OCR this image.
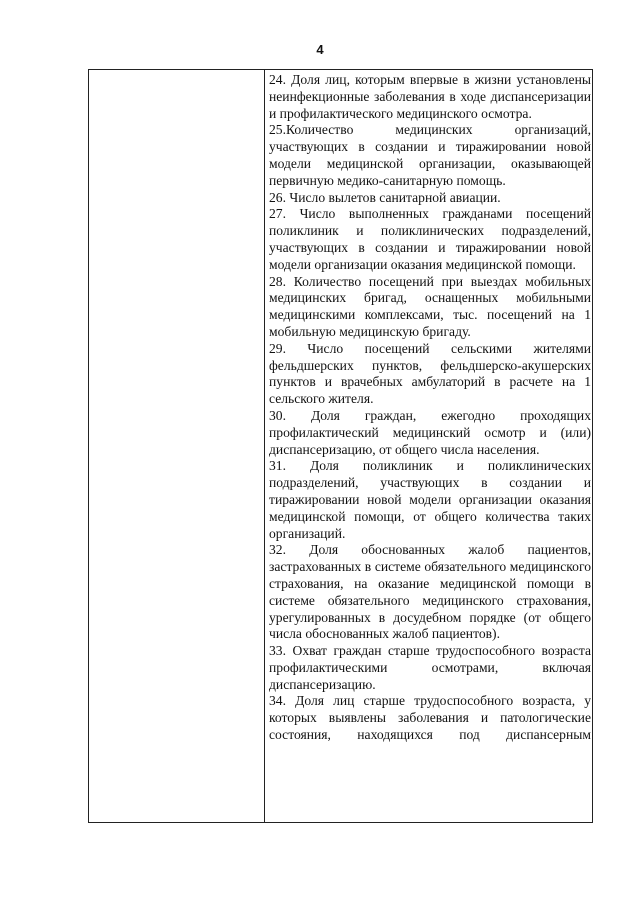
4

24. Доля лиц, которым впервые в жизни установлены неинфекционные заболевания в ходе диспансеризации и профилактического медицинского осмотра.

25.Количество медицинских организаций, участвующих в создании и тиражировании новой модели медицинской организации, оказывающей первичную медико-санитарную помощь.

26. Число вылетов санитарной авиации.

27. Число выполненных гражданами посещений поликлиник и поликлинических подразделений, участвующих в создании и тиражировании новой модели организации оказания медицинской помощи.

28. Количество посещений при выездах мобильных медицинских бригад, оснащенных мобильными медицинскими комплексами, тыс. посещений на 1 мобильную медицинскую бригаду.

29. Число посещений сельскими жителями фельдшерских пунктов, фельдшерско-акушерских пунктов и врачебных амбулаторий в расчете на 1 сельского жителя.

30. Доля граждан, ежегодно проходящих профилактический медицинский осмотр и (или) диспансеризацию, от общего числа населения.

31. Доля поликлиник и поликлинических подразделений, участвующих в создании и тиражировании новой модели организации оказания медицинской помощи, от общего количества таких организаций.

32. Доля обоснованных жалоб пациентов, застрахованных в системе обязательного медицинского страхования, на оказание медицинской помощи в системе обязательного медицинского страхования, урегулированных в досудебном порядке (от общего числа обоснованных жалоб пациентов).

33. Охват граждан старше трудоспособного возраста профилактическими осмотрами, включая диспансеризацию.

34. Доля лиц старше трудоспособного возраста, у которых выявлены заболевания и патологические состояния, находящихся под диспансерным
